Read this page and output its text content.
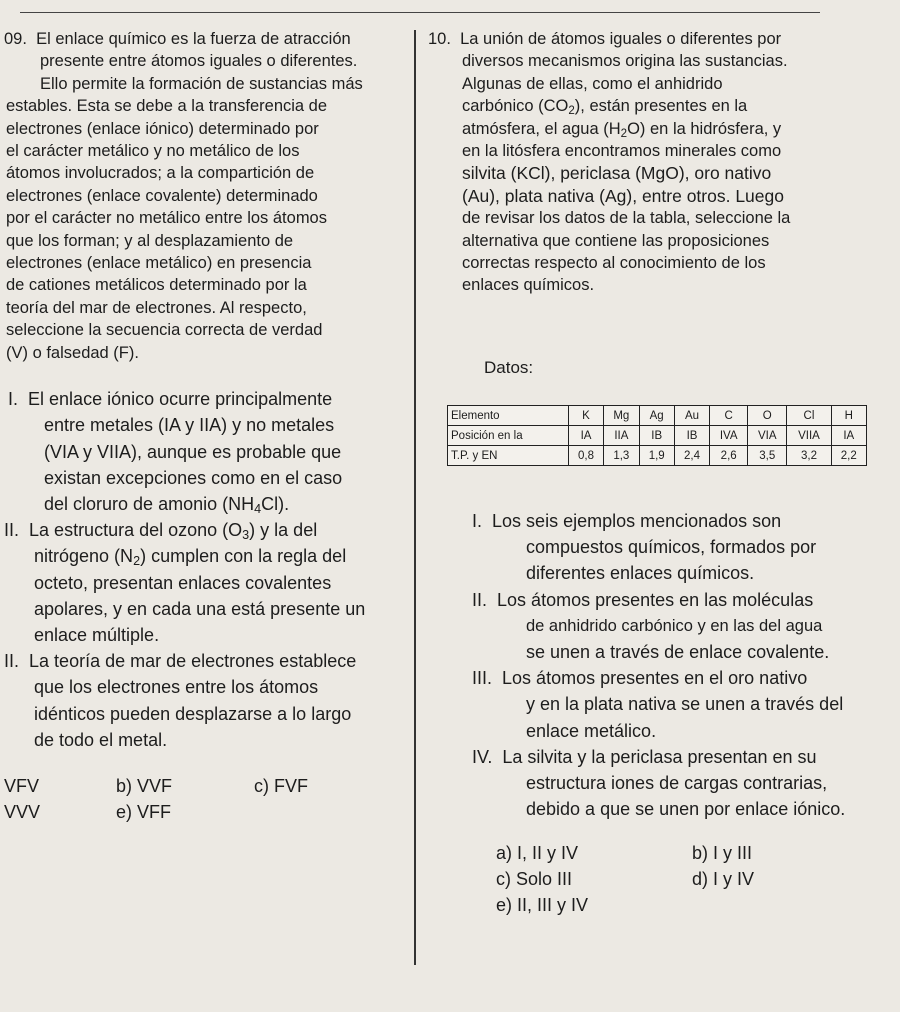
09. El enlace químico es la fuerza de atracción
presente entre átomos iguales o diferentes.
Ello permite la formación de sustancias más
estables. Esta se debe a la transferencia de
electrones (enlace iónico) determinado por
el carácter metálico y no metálico de los
átomos involucrados; a la compartición de
electrones (enlace covalente) determinado
por el carácter no metálico entre los átomos
que los forman; y al desplazamiento de
electrones (enlace metálico) en presencia
de cationes metálicos determinado por la
teoría del mar de electrones. Al respecto,
seleccione la secuencia correcta de verdad
(V) o falsedad (F).
I. El enlace iónico ocurre principalmente
entre metales (IA y IIA) y no metales
(VIA y VIIA), aunque es probable que
existan excepciones como en el caso
del cloruro de amonio $(NH_4Cl)$.
II. La estructura del ozono $(O_3)$ y la del
nitrógeno $(N_2)$ cumplen con la regla del
octeto, presentan enlaces covalentes
apolares, y en cada una está presente un
enlace múltiple.
II. La teoría de mar de electrones establece
que los electrones entre los átomos
idénticos pueden desplazarse a lo largo
de todo el metal.
VFV	b) VVF	c) FVF
VVV	e) VFF
10. La unión de átomos iguales o diferentes por
diversos mecanismos origina las sustancias.
Algunas de ellas, como el anhidrido
carbónico $(CO_2)$, están presentes en la
atmósfera, el agua $(H_2O)$ en la hidrósfera, y
en la litósfera encontramos minerales como
silvita (KCl), periclasa (MgO), oro nativo
(Au), plata nativa (Ag), entre otros. Luego
de revisar los datos de la tabla, seleccione la
alternativa que contiene las proposiciones
correctas respecto al conocimiento de los
enlaces químicos.
Datos:
Elemento	K	Mg	Ag	Au	C	O	Cl	H
Posición en la	IA	IIA	IB	IB	IVA	VIA	VIIA	IA
T.P. y EN	0,8	1,3	1,9	2,4	2,6	3,5	3,2	2,2
I. Los seis ejemplos mencionados son
compuestos químicos, formados por
diferentes enlaces químicos.
II. Los átomos presentes en las moléculas
de anhidrido carbónico y en las del agua
se unen a través de enlace covalente.
III. Los átomos presentes en el oro nativo
y en la plata nativa se unen a través del
enlace metálico.
IV. La silvita y la periclasa presentan en su
estructura iones de cargas contrarias,
debido a que se unen por enlace iónico.
a) I, II y IV	b) I y III
c) Solo III	d) I y IV
e) II, III y IV
